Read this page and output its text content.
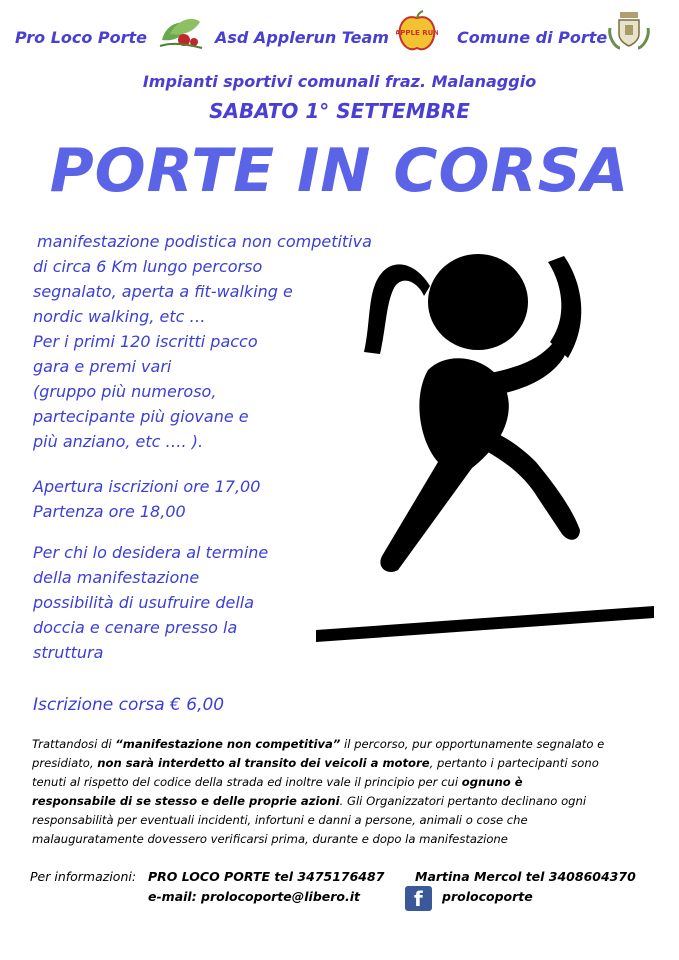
Pro Loco Porte	Asd Applerun Team APPLE RUN Comune di Porte
Impianti sportivi comunali fraz. Malanaggio
SABATO 1° SETTEMBRE
PORTE IN CORSA
manifestazione podistica non competitiva
di circa 6 Km lungo percorso
segnalato, aperta a fit-walking e
nordic walking, etc …
Per i primi 120 iscritti pacco
gara e premi vari
(gruppo più numeroso,
partecipante più giovane e
più anziano, etc …. ).
Apertura iscrizioni ore 17,00
Partenza ore 18,00
Per chi lo desidera al termine
della manifestazione
possibilità di usufruire della
doccia e cenare presso la
struttura
Iscrizione corsa € 6,00
Trattandosi di “manifestazione non competitiva” il percorso, pur opportunamente segnalato e
presidiato, non sarà interdetto al transito dei veicoli a motore, pertanto i partecipanti sono
tenuti al rispetto del codice della strada ed inoltre vale il principio per cui ognuno è
responsabile di se stesso e delle proprie azioni. Gli Organizzatori pertanto declinano ogni
responsabilità per eventuali incidenti, infortuni e danni a persone, animali o cose che
malauguratamente dovessero verificarsi prima, durante e dopo la manifestazione
Per informazioni: PRO LOCO PORTE tel 3475176487 Martina Mercol tel 3408604370
e-mail: prolocoporte@libero.it	f prolocoporte
